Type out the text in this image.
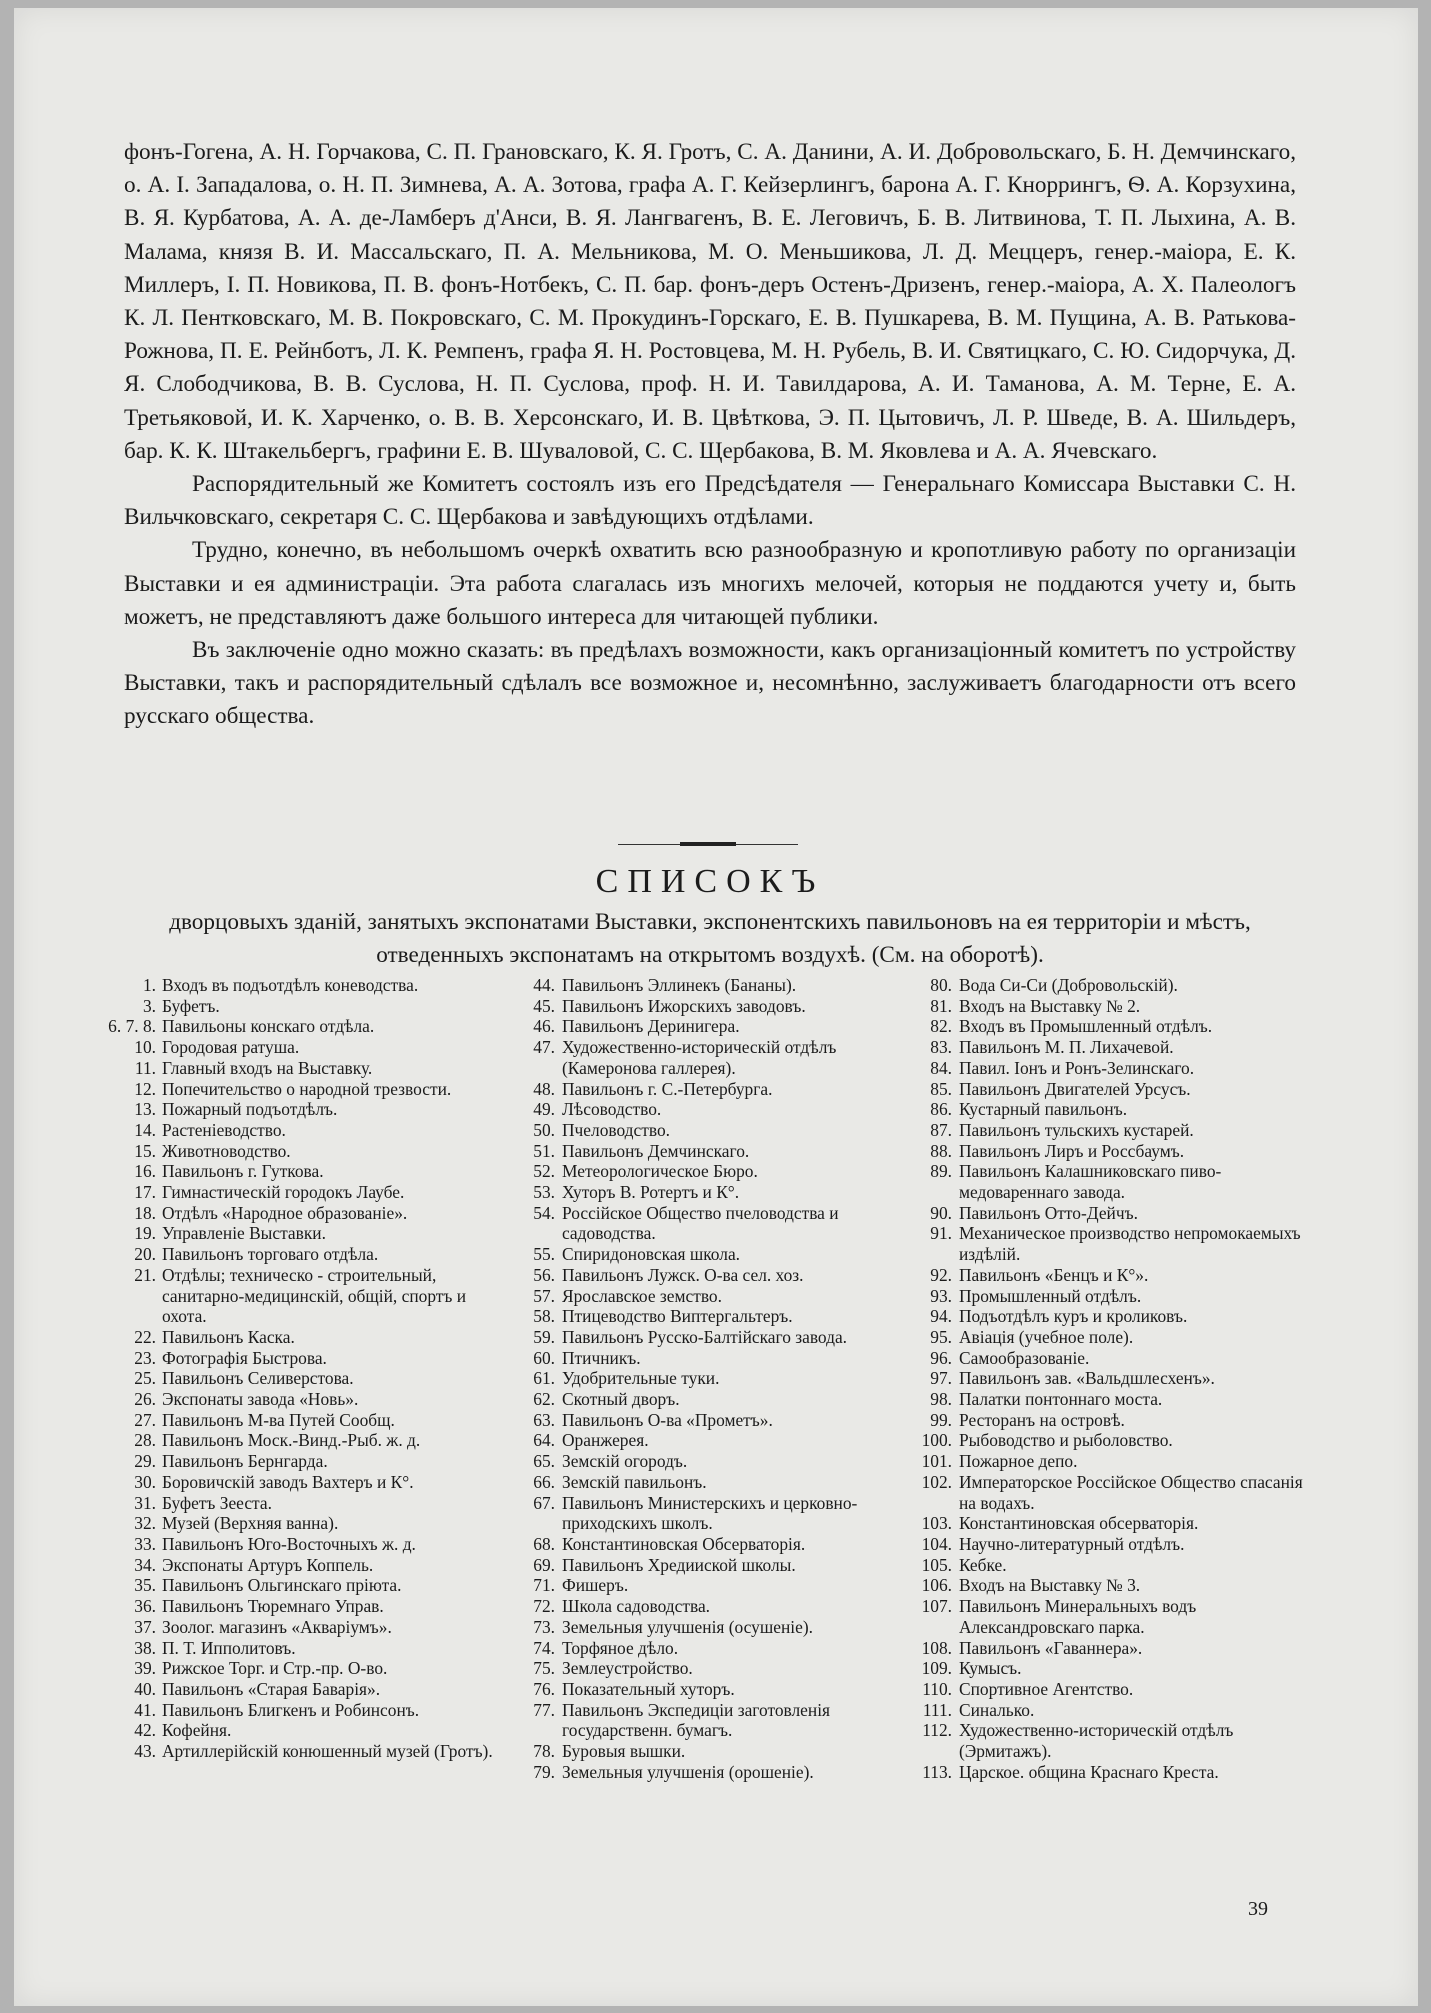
фонъ-Гогена, А. Н. Горчакова, С. П. Грановскаго, К. Я. Гротъ, С. А. Данини, А. И. Добровольскаго, Б. Н. Демчинскаго, о. А. І. Западалова, о. Н. П. Зимнева, А. А. Зотова, графа А. Г. Кейзерлингъ, барона А. Г. Кноррингъ, Ѳ. А. Корзухина, В. Я. Курбатова, А. А. де-Ламберъ д'Анси, В. Я. Лангвагенъ, В. Е. Леговичъ, Б. В. Литвинова, Т. П. Лыхина, А. В. Малама, князя В. И. Массальскаго, П. А. Мельникова, М. О. Меньшикова, Л. Д. Меццеръ, генер.-маіора, Е. К. Миллеръ, І. П. Новикова, П. В. фонъ-Нотбекъ, С. П. бар. фонъ-деръ Остенъ-Дризенъ, генер.-маіора, А. Х. Палеологъ К. Л. Пентковскаго, М. В. Покровскаго, С. М. Прокудинъ-Горскаго, Е. В. Пушкарева, В. М. Пущина, А. В. Ратькова-Рожнова, П. Е. Рейнботъ, Л. К. Ремпенъ, графа Я. Н. Ростовцева, М. Н. Рубель, В. И. Святицкаго, С. Ю. Сидорчука, Д. Я. Слободчикова, В. В. Суслова, Н. П. Суслова, проф. Н. И. Тавилдарова, А. И. Таманова, А. М. Терне, Е. А. Третьяковой, И. К. Харченко, о. В. В. Херсонскаго, И. В. Цвѣткова, Э. П. Цытовичъ, Л. Р. Шведе, В. А. Шильдеръ, бар. К. К. Штакельбергъ, графини Е. В. Шуваловой, С. С. Щербакова, В. М. Яковлева и А. А. Ячевскаго.

Распорядительный же Комитетъ состоялъ изъ его Предсѣдателя — Генеральнаго Комиссара Выставки С. Н. Вильчковскаго, секретаря С. С. Щербакова и завѣдующихъ отдѣлами.

Трудно, конечно, въ небольшомъ очеркѣ охватить всю разнообразную и кропотливую работу по организаціи Выставки и ея администраціи. Эта работа слагалась изъ многихъ мелочей, которыя не поддаются учету и, быть можетъ, не представляютъ даже большого интереса для читающей публики.

Въ заключеніе одно можно сказать: въ предѣлахъ возможности, какъ организаціонный комитетъ по устройству Выставки, такъ и распорядительный сдѣлалъ все возможное и, несомнѣнно, заслуживаетъ благодарности отъ всего русскаго общества.

СПИСОКЪ
дворцовыхъ зданій, занятыхъ экспонатами Выставки, экспонентскихъ павильоновъ на ея территоріи и мѣстъ, отведенныхъ экспонатамъ на открытомъ воздухѣ. (См. на оборотѣ).
1. Входъ въ подъотдѣлъ коневодства.
3. Буфетъ.
6. 7. 8. Павильоны конскаго отдѣла.
10. Городовая ратуша.
11. Главный входъ на Выставку.
12. Попечительство о народной трезвости.
13. Пожарный подъотдѣлъ.
14. Растеніеводство.
15. Животноводство.
16. Павильонъ г. Гуткова.
17. Гимнастическій городокъ Лаубе.
18. Отдѣлъ «Народное образованіе».
19. Управленіе Выставки.
20. Павильонъ торговаго отдѣла.
21. Отдѣлы; техническо - строительный, санитарно-медицинскій, общій, спортъ и охота.
22. Павильонъ Каска.
23. Фотографія Быстрова.
25. Павильонъ Селиверстова.
26. Экспонаты завода «Новь».
27. Павильонъ М-ва Путей Сообщ.
28. Павильонъ Моск.-Винд.-Рыб. ж. д.
29. Павильонъ Бернгарда.
30. Боровичскій заводъ Вахтеръ и К°.
31. Буфетъ Зееста.
32. Музей (Верхняя ванна).
33. Павильонъ Юго-Восточныхъ ж. д.
34. Экспонаты Артуръ Коппель.
35. Павильонъ Ольгинскаго пріюта.
36. Павильонъ Тюремнаго Управ.
37. Зоолог. магазинъ «Акваріумъ».
38. П. Т. Ипполитовъ.
39. Рижское Торг. и Стр.-пр. О-во.
40. Павильонъ «Старая Баварія».
41. Павильонъ Блигкенъ и Робинсонъ.
42. Кофейня.
43. Артиллерійскій конюшенный музей (Гротъ).
44. Павильонъ Эллинекъ (Бананы).
45. Павильонъ Ижорскихъ заводовъ.
46. Павильонъ Деринигера.
47. Художественно-историческій отдѣлъ (Камеронова галлерея).
48. Павильонъ г. С.-Петербурга.
49. Лѣсоводство.
50. Пчеловодство.
51. Павильонъ Демчинскаго.
52. Метеорологическое Бюро.
53. Хуторъ В. Ротертъ и К°.
54. Россійское Общество пчеловодства и садоводства.
55. Спиридоновская школа.
56. Павильонъ Лужск. О-ва сел. хоз.
57. Ярославское земство.
58. Птицеводство Виптергальтеръ.
59. Павильонъ Русско-Балтійскаго завода.
60. Птичникъ.
61. Удобрительные туки.
62. Скотный дворъ.
63. Павильонъ О-ва «Прометъ».
64. Оранжерея.
65. Земскій огородъ.
66. Земскій павильонъ.
67. Павильонъ Министерскихъ и церковно-приходскихъ школъ.
68. Константиновская Обсерваторія.
69. Павильонъ Хредииской школы.
71. Фишеръ.
72. Школа садоводства.
73. Земельныя улучшенія (осушеніе).
74. Торфяное дѣло.
75. Землеустройство.
76. Показательный хуторъ.
77. Павильонъ Экспедиціи заготовленія государственн. бумагъ.
78. Буровыя вышки.
79. Земельныя улучшенія (орошеніе).
80. Вода Си-Си (Добровольскій).
81. Входъ на Выставку № 2.
82. Входъ въ Промышленный отдѣлъ.
83. Павильонъ М. П. Лихачевой.
84. Павил. Іонъ и Ронъ-Зелинскаго.
85. Павильонъ Двигателей Урсусъ.
86. Кустарный павильонъ.
87. Павильонъ тульскихъ кустарей.
88. Павильонъ Лиръ и Россбаумъ.
89. Павильонъ Калашниковскаго пиво-медовареннаго завода.
90. Павильонъ Отто-Дейчъ.
91. Механическое производство непромокаемыхъ издѣлій.
92. Павильонъ «Бенцъ и К°».
93. Промышленный отдѣлъ.
94. Подъотдѣлъ куръ и кроликовъ.
95. Авіація (учебное поле).
96. Самообразованіе.
97. Павильонъ зав. «Вальдшлесхенъ».
98. Палатки понтоннаго моста.
99. Ресторанъ на островѣ.
100. Рыбоводство и рыболовство.
101. Пожарное депо.
102. Императорское Россійское Общество спасанія на водахъ.
103. Константиновская обсерваторія.
104. Научно-литературный отдѣлъ.
105. Кебке.
106. Входъ на Выставку № 3.
107. Павильонъ Минеральныхъ водъ Александровскаго парка.
108. Павильонъ «Гаваннера».
109. Кумысъ.
110. Спортивное Агентство.
111. Синалько.
112. Художественно-историческій отдѣлъ (Эрмитажъ).
113. Царское. община Краснаго Креста.
39
